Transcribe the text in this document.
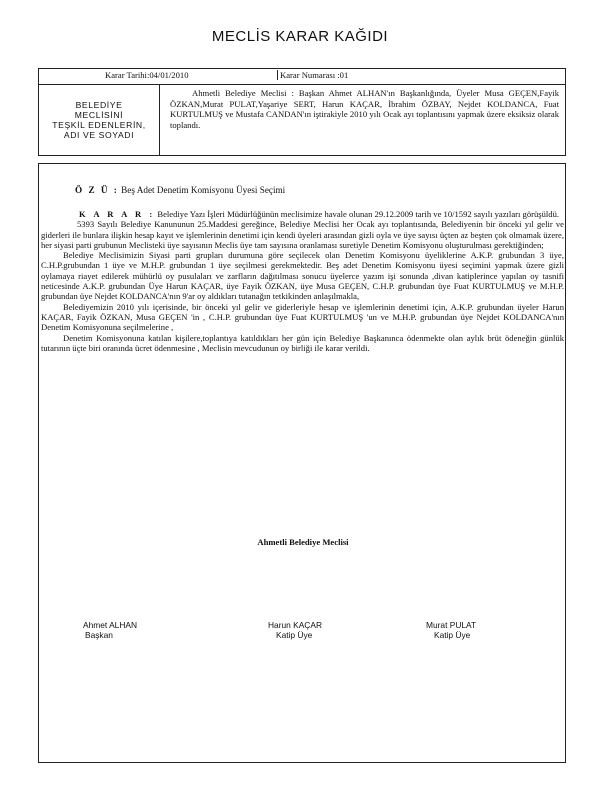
MECLİS KARAR KAĞIDI
Karar Tarihi:04/01/2010	Karar Numarası :01

BELEDİYE
MECLİSİNİ
TEŞKİL EDENLERİN,
ADI VE SOYADI
	Ahmetli Belediye Meclisi : Başkan Ahmet ALHAN'ın Başkanlığında, Üyeler Musa GEÇEN,Fayik ÖZKAN,Murat PULAT,Yaşariye SERT, Harun KAÇAR, İbrahim ÖZBAY, Nejdet KOLDANCA, Fuat KURTULMUŞ ve Mustafa CANDAN'ın iştirakiyle 2010 yılı Ocak ayı toplantısını yapmak üzere eksiksiz olarak toplandı.
Ö Z Ü : Beş Adet Denetim Komisyonu Üyesi Seçimi

K A R A R : Belediye Yazı İşleri Müdürlüğünün meclisimize havale olunan 29.12.2009 tarih ve 10/1592 sayılı yazıları görüşüldü.

5393 Sayılı Belediye Kanununun 25.Maddesi gereğince, Belediye Meclisi her Ocak ayı toplantısında, Belediyenin bir önceki yıl gelir ve giderleri ile bunlara ilişkin hesap kayıt ve işlemlerinin denetimi için kendi üyeleri arasından gizli oyla ve üye sayısı üçten az beşten çok olmamak üzere, her siyasi parti grubunun Meclisteki üye sayısının Meclis üye tam sayısına oranlaması suretiyle Denetim Komisyonu oluşturulması gerektiğinden;

Belediye Meclisimizin Siyasi parti grupları durumuna göre seçilecek olan Denetim Komisyonu üyeliklerine A.K.P. grubundan 3 üye, C.H.P.grubundan 1 üye ve M.H.P. grubundan 1 üye seçilmesi gerekmektedir. Beş adet Denetim Komisyonu üyesi seçimini yapmak üzere gizli oylamaya riayet edilerek mühürlü oy pusulaları ve zarfların dağıtılması sonucu üyelerce yazım işi sonunda ,divan katiplerince yapılan oy tasnifi neticesinde A.K.P. grubundan Üye Harun KAÇAR, üye Fayik ÖZKAN, üye Musa GEÇEN, C.H.P. grubundan üye Fuat KURTULMUŞ ve M.H.P. grubundan üye Nejdet KOLDANCA'nın 9'ar oy aldıkları tutanağın tetkikinden anlaşılmakla,

Belediyemizin 2010 yılı içerisinde, bir önceki yıl gelir ve giderleriyle hesap ve işlemlerinin denetimi için, A.K.P. grubundan üyeler Harun KAÇAR, Fayik ÖZKAN, Musa GEÇEN 'in , C.H.P. grubundan üye Fuat KURTULMUŞ 'un ve M.H.P. grubundan üye Nejdet KOLDANCA'nın Denetim Komisyonuna seçilmelerine ,

Denetim Komisyonuna katılan kişilere,toplantıya katıldıkları her gün için Belediye Başkanınca ödenmekte olan aylık brüt ödeneğin günlük tutarının üçte biri oranında ücret ödenmesine , Meclisin mevcudunun oy birliği ile karar verildi.

Ahmetli Belediye Meclisi
Ahmet ALHAN
Başkan
Harun KAÇAR
Katip Üye
Murat PULAT
Katip Üye
